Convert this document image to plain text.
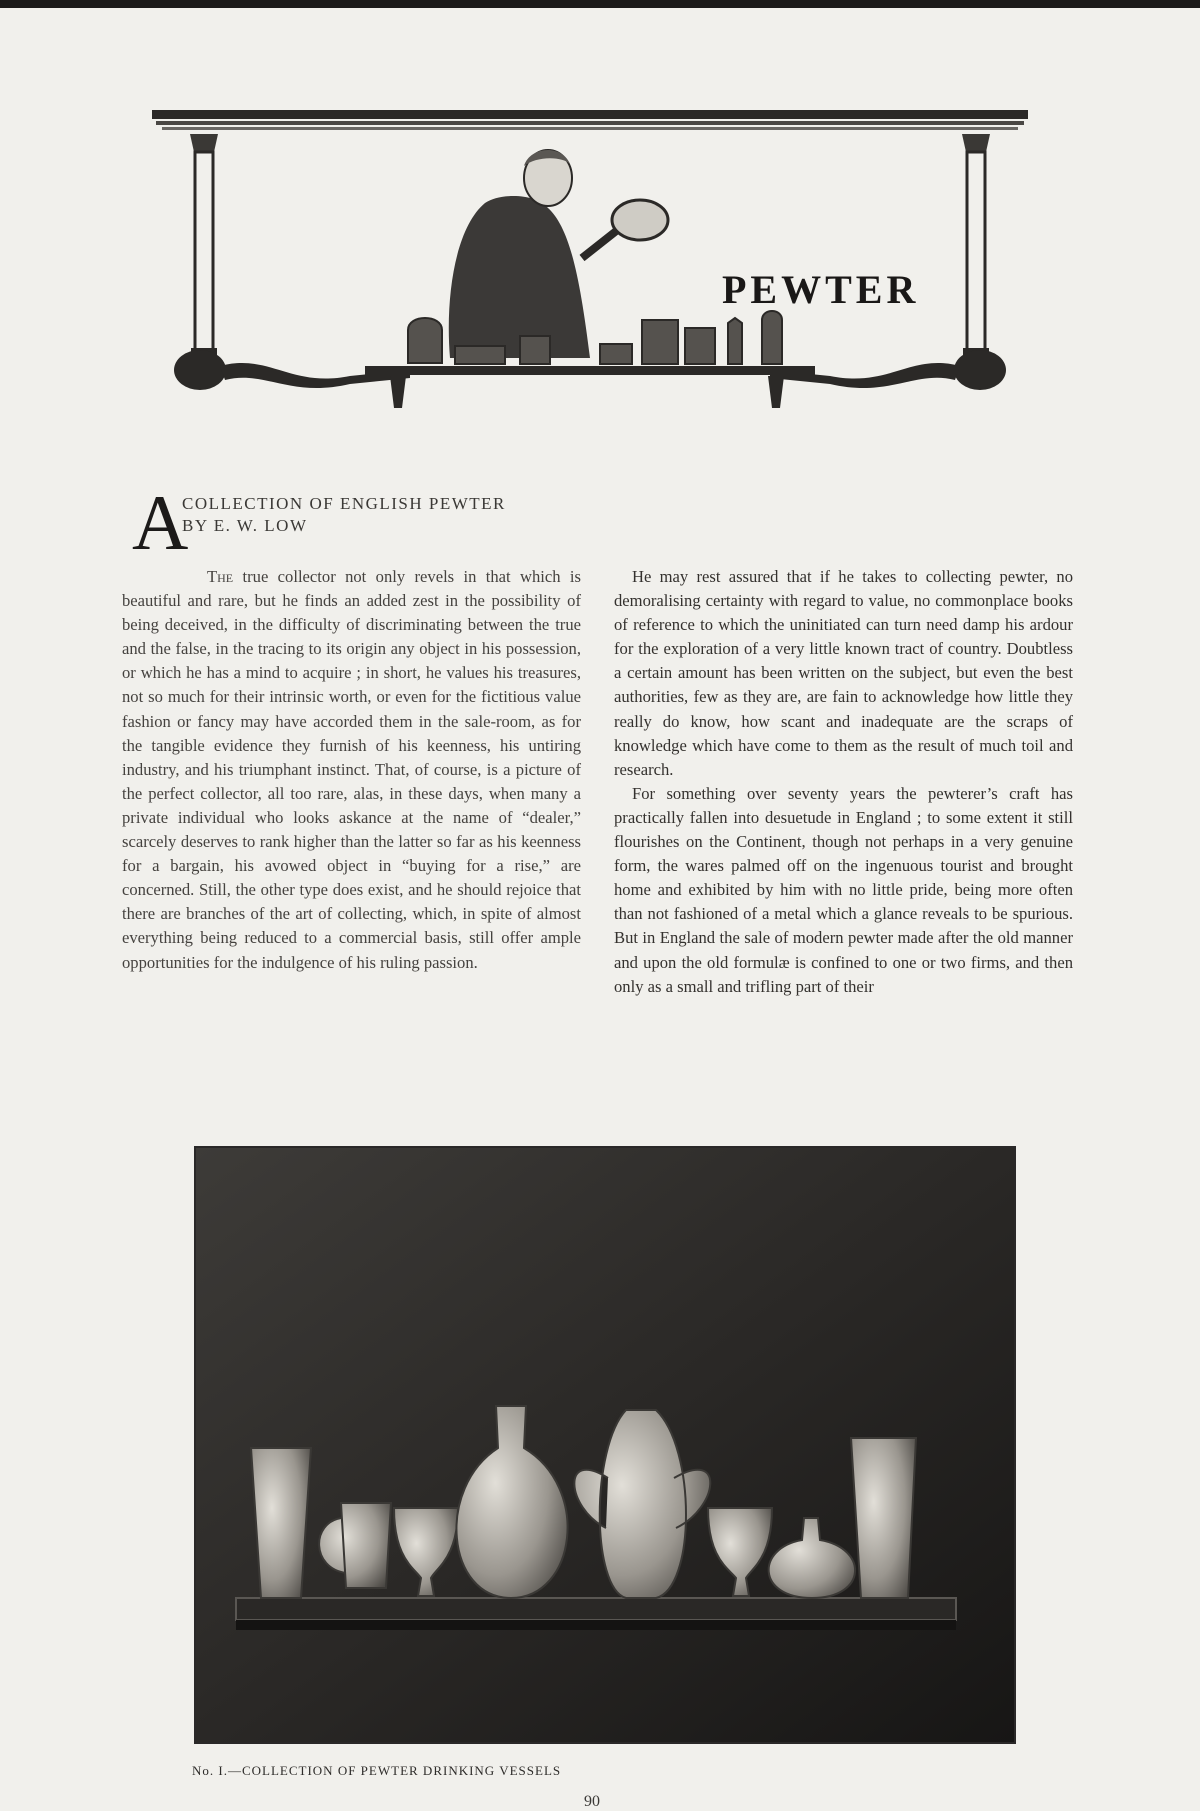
PEWTER
A
COLLECTION OF ENGLISH PEWTER
BY E. W. LOW

The true collector not only revels in that which is beautiful and rare, but he finds an added zest in the possibility of being deceived, in the difficulty of discriminating between the true and the false, in the tracing to its origin any object in his possession, or which he has a mind to acquire ; in short, he values his treasures, not so much for their intrinsic worth, or even for the fictitious value fashion or fancy may have accorded them in the sale-room, as for the tangible evidence they furnish of his keenness, his untiring industry, and his triumphant instinct. That, of course, is a picture of the perfect collector, all too rare, alas, in these days, when many a private individual who looks askance at the name of “dealer,” scarcely deserves to rank higher than the latter so far as his keenness for a bargain, his avowed object in “buying for a rise,” are concerned. Still, the other type does exist, and he should rejoice that there are branches of the art of collecting, which, in spite of almost everything being reduced to a commercial basis, still offer ample opportunities for the indulgence of his ruling passion.

He may rest assured that if he takes to collecting pewter, no demoralising certainty with regard to value, no commonplace books of reference to which the uninitiated can turn need damp his ardour for the exploration of a very little known tract of country. Doubtless a certain amount has been written on the subject, but even the best authorities, few as they are, are fain to acknowledge how little they really do know, how scant and inadequate are the scraps of knowledge which have come to them as the result of much toil and research.

For something over seventy years the pewterer’s craft has practically fallen into desuetude in England ; to some extent it still flourishes on the Continent, though not perhaps in a very genuine form, the wares palmed off on the ingenuous tourist and brought home and exhibited by him with no little pride, being more often than not fashioned of a metal which a glance reveals to be spurious. But in England the sale of modern pewter made after the old manner and upon the old formulæ is confined to one or two firms, and then only as a small and trifling part of their

No. I.—COLLECTION OF PEWTER DRINKING VESSELS
90
